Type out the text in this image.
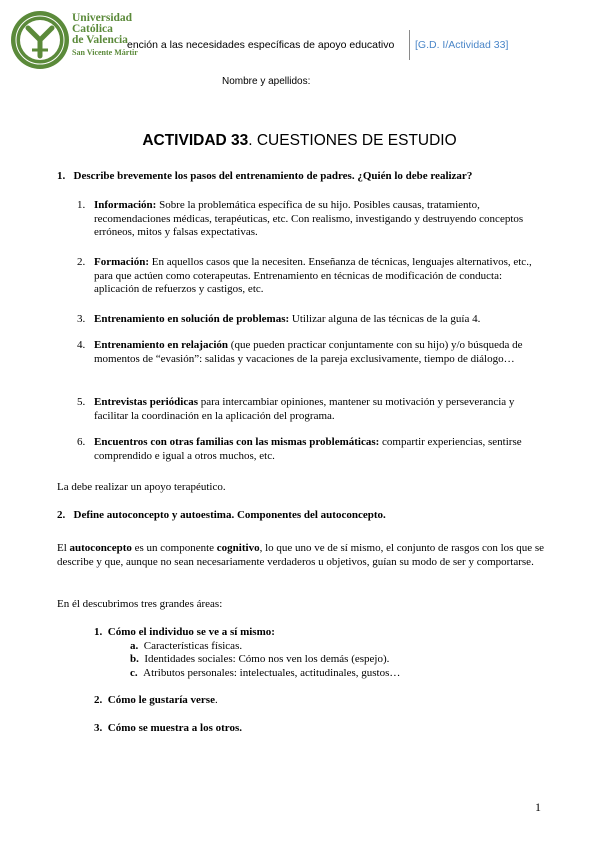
Universidad
Católica
de Valencia
San Vicente Mártir
ención a las necesidades específicas de apoyo educativo [G.D. I/Actividad 33]
Nombre y apellidos:
ACTIVIDAD 33. CUESTIONES DE ESTUDIO
1. Describe brevemente los pasos del entrenamiento de padres. ¿Quién lo debe realizar?
1. Información: Sobre la problemática específica de su hijo. Posibles causas, tratamiento, recomendaciones médicas, terapéuticas, etc. Con realismo, investigando y destruyendo conceptos erróneos, mitos y falsas expectativas.
2. Formación: En aquellos casos que la necesiten. Enseñanza de técnicas, lenguajes alternativos, etc., para que actúen como coterapeutas. Entrenamiento en técnicas de modificación de conducta: aplicación de refuerzos y castigos, etc.
3. Entrenamiento en solución de problemas: Utilizar alguna de las técnicas de la guía 4.
4. Entrenamiento en relajación (que pueden practicar conjuntamente con su hijo) y/o búsqueda de momentos de “evasión”: salidas y vacaciones de la pareja exclusivamente, tiempo de diálogo…
5. Entrevistas periódicas para intercambiar opiniones, mantener su motivación y perseverancia y facilitar la coordinación en la aplicación del programa.
6. Encuentros con otras familias con las mismas problemáticas: compartir experiencias, sentirse comprendido e igual a otros muchos, etc.
La debe realizar un apoyo terapéutico.
2. Define autoconcepto y autoestima. Componentes del autoconcepto.
El autoconcepto es un componente cognitivo, lo que uno ve de sí mismo, el conjunto de rasgos con los que se describe y que, aunque no sean necesariamente verdaderos u objetivos, guían su modo de ser y comportarse.
En él descubrimos tres grandes áreas:
1. Cómo el individuo se ve a sí mismo:
a. Características físicas.
b. Identidades sociales: Cómo nos ven los demás (espejo).
c. Atributos personales: intelectuales, actitudinales, gustos…
2. Cómo le gustaría verse.
3. Cómo se muestra a los otros.
1
